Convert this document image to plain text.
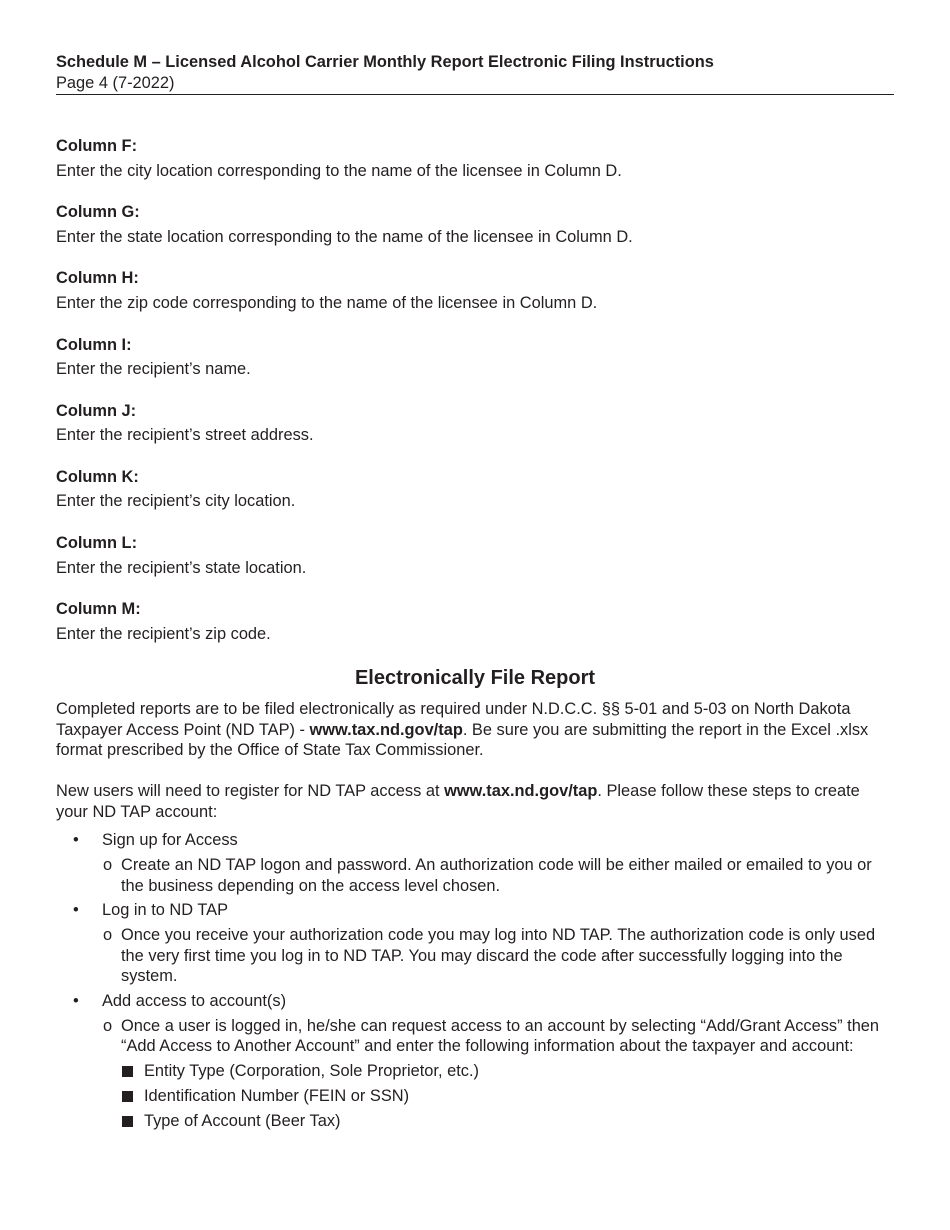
Schedule M – Licensed Alcohol Carrier Monthly Report Electronic Filing Instructions
Page 4 (7-2022)
Column F:
Enter the city location corresponding to the name of the licensee in Column D.
Column G:
Enter the state location corresponding to the name of the licensee in Column D.
Column H:
Enter the zip code corresponding to the name of the licensee in Column D.
Column I:
Enter the recipient’s name.
Column J:
Enter the recipient’s street address.
Column K:
Enter the recipient’s city location.
Column L:
Enter the recipient’s state location.
Column M:
Enter the recipient’s zip code.
Electronically File Report
Completed reports are to be filed electronically as required under N.D.C.C. §§ 5-01 and 5-03 on North Dakota Taxpayer Access Point (ND TAP) - www.tax.nd.gov/tap. Be sure you are submitting the report in the Excel .xlsx format prescribed by the Office of State Tax Commissioner.
New users will need to register for ND TAP access at www.tax.nd.gov/tap. Please follow these steps to create your ND TAP account:
• Sign up for Access
o Create an ND TAP logon and password. An authorization code will be either mailed or emailed to you or the business depending on the access level chosen.
• Log in to ND TAP
o Once you receive your authorization code you may log into ND TAP. The authorization code is only used the very first time you log in to ND TAP. You may discard the code after successfully logging into the system.
• Add access to account(s)
o Once a user is logged in, he/she can request access to an account by selecting “Add/Grant Access” then “Add Access to Another Account” and enter the following information about the taxpayer and account:
Entity Type (Corporation, Sole Proprietor, etc.)
Identification Number (FEIN or SSN)
Type of Account (Beer Tax)
